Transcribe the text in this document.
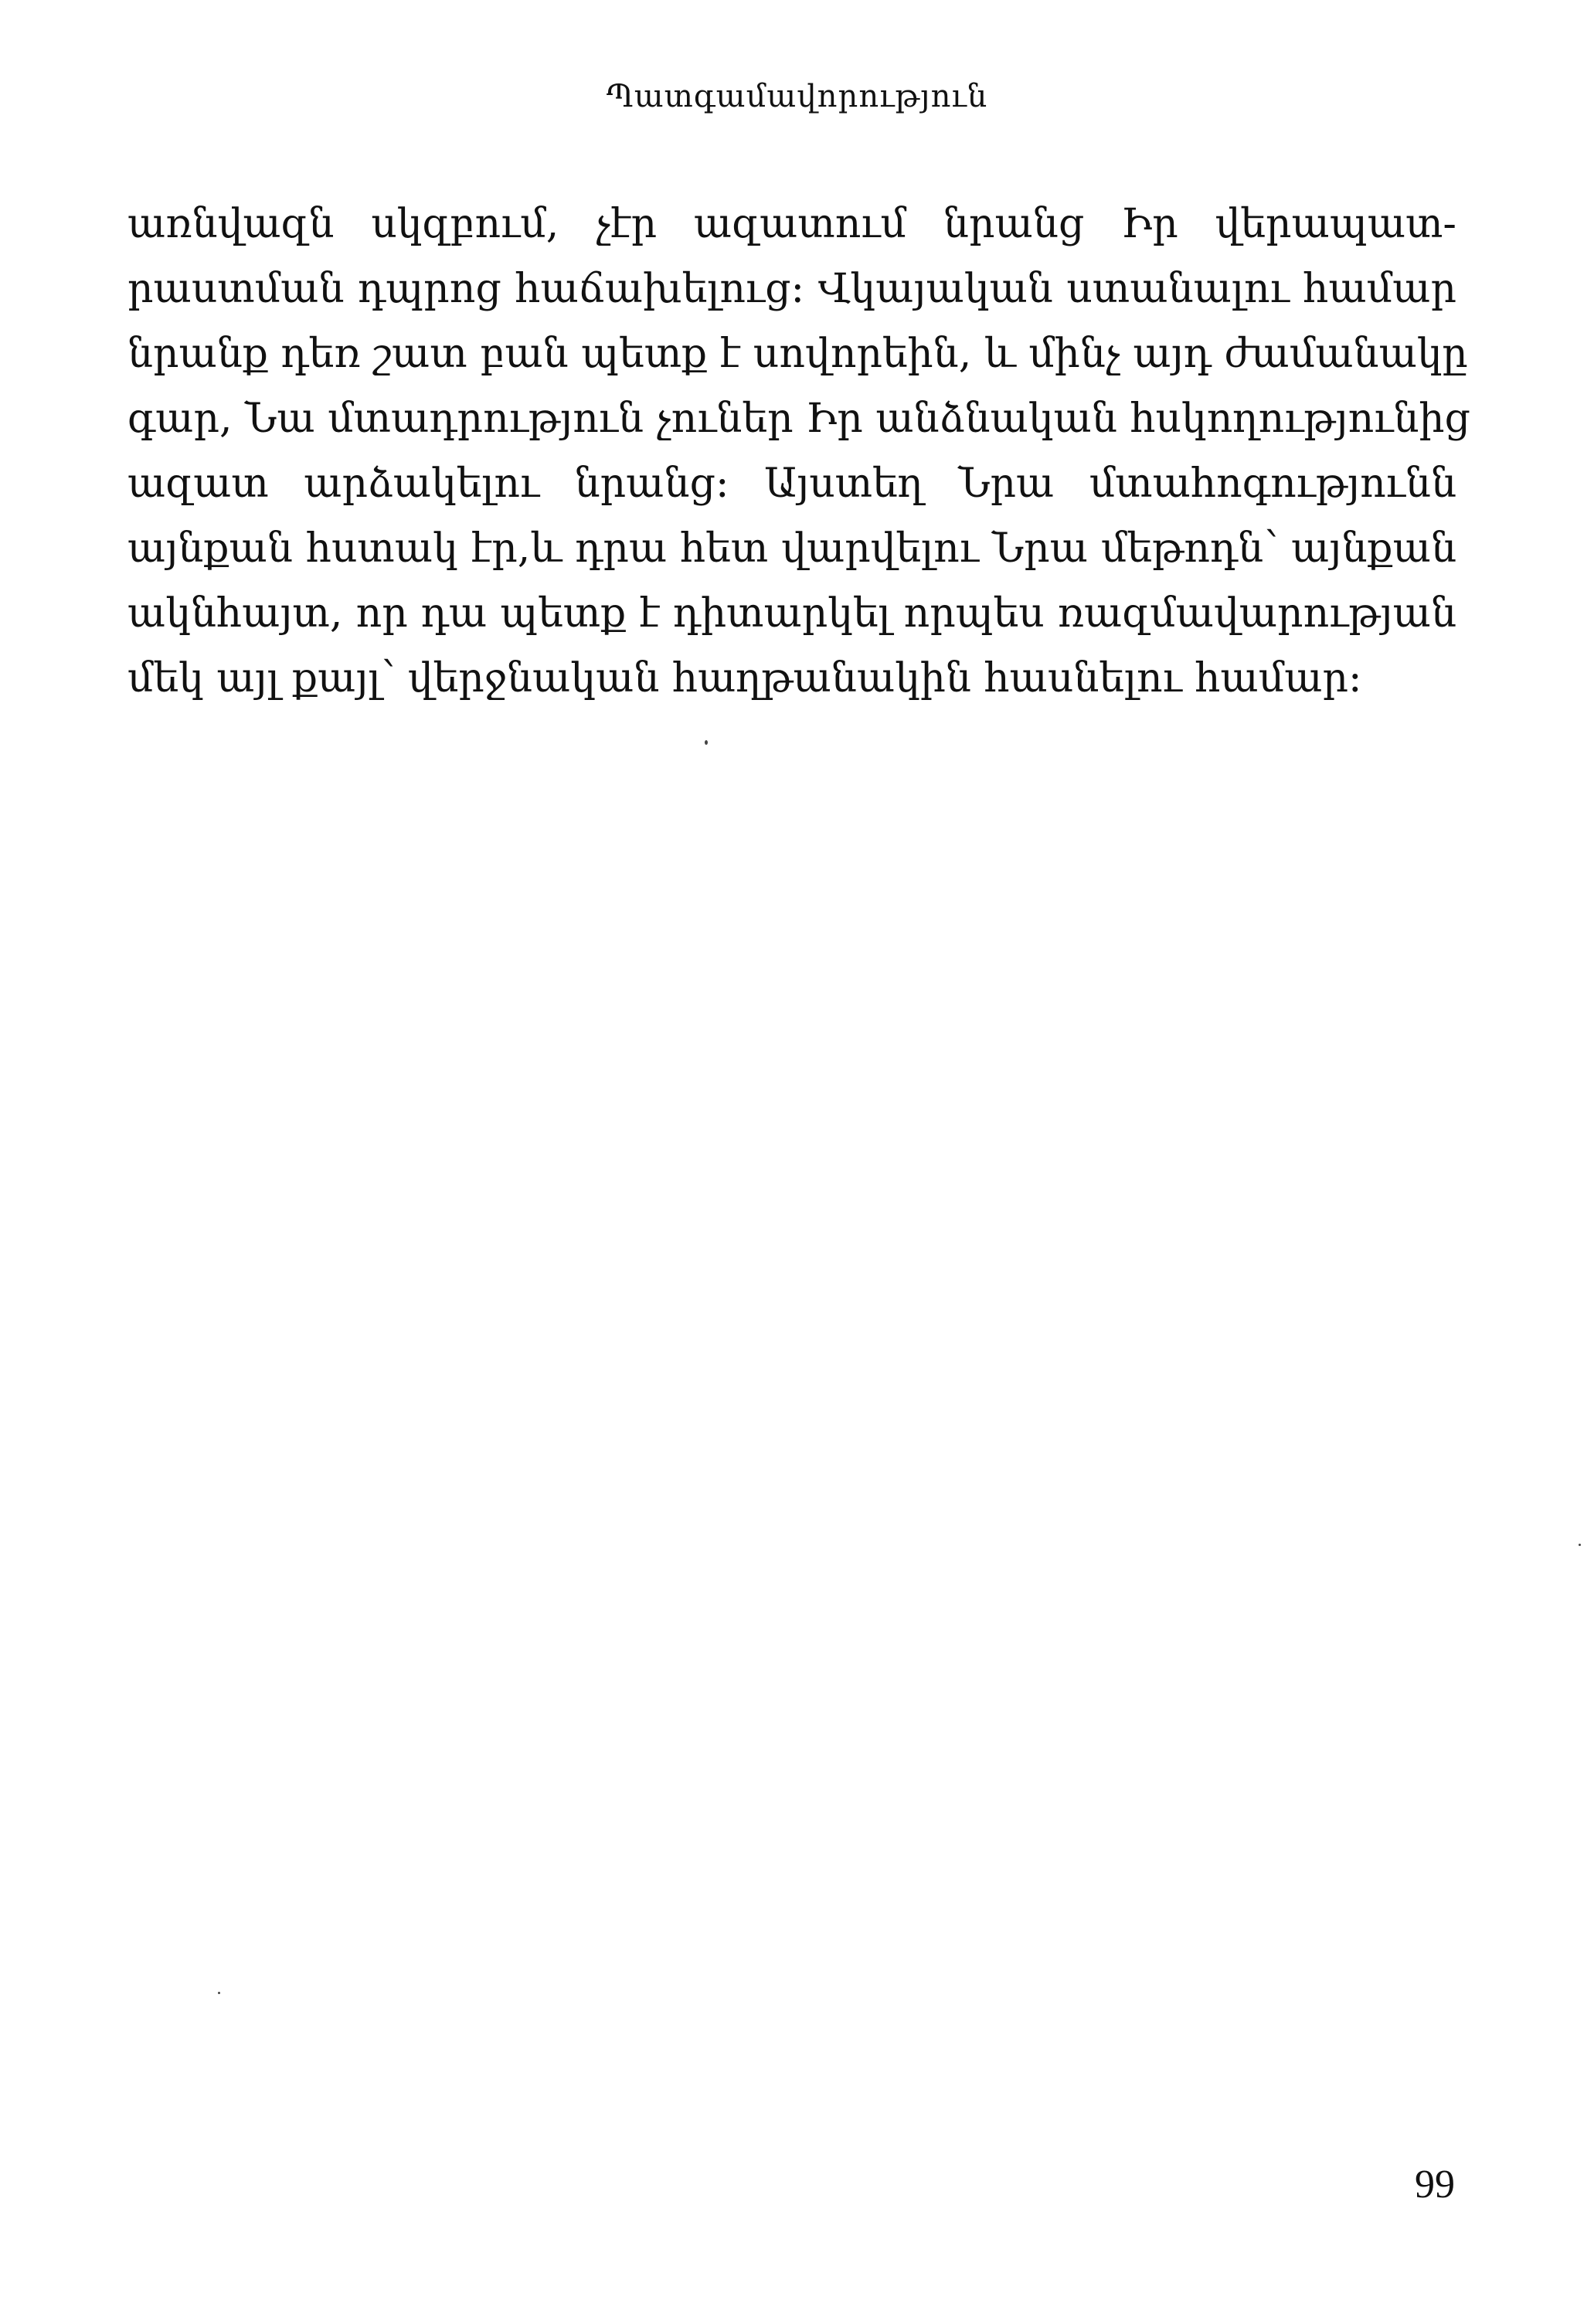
Պատգամավորություն
առնվազն սկզբում, չէր ազատում նրանց Իր վերապատ-
րաստման դպրոց հաճախելուց։ Վկայական ստանալու համար
նրանք դեռ շատ բան պետք է սովորեին, և մինչ այդ ժամանակը
գար, Նա մտադրություն չուներ Իր անձնական հսկողությունից
ազատ արձակելու նրանց։ Այստեղ Նրա մտահոգությունն
այնքան հստակ էր,և դրա հետ վարվելու Նրա մեթոդն՝ այնքան
ակնհայտ, որ դա պետք է դիտարկել որպես ռազմավարության
մեկ այլ քայլ՝ վերջնական հաղթանակին հասնելու համար։
99
